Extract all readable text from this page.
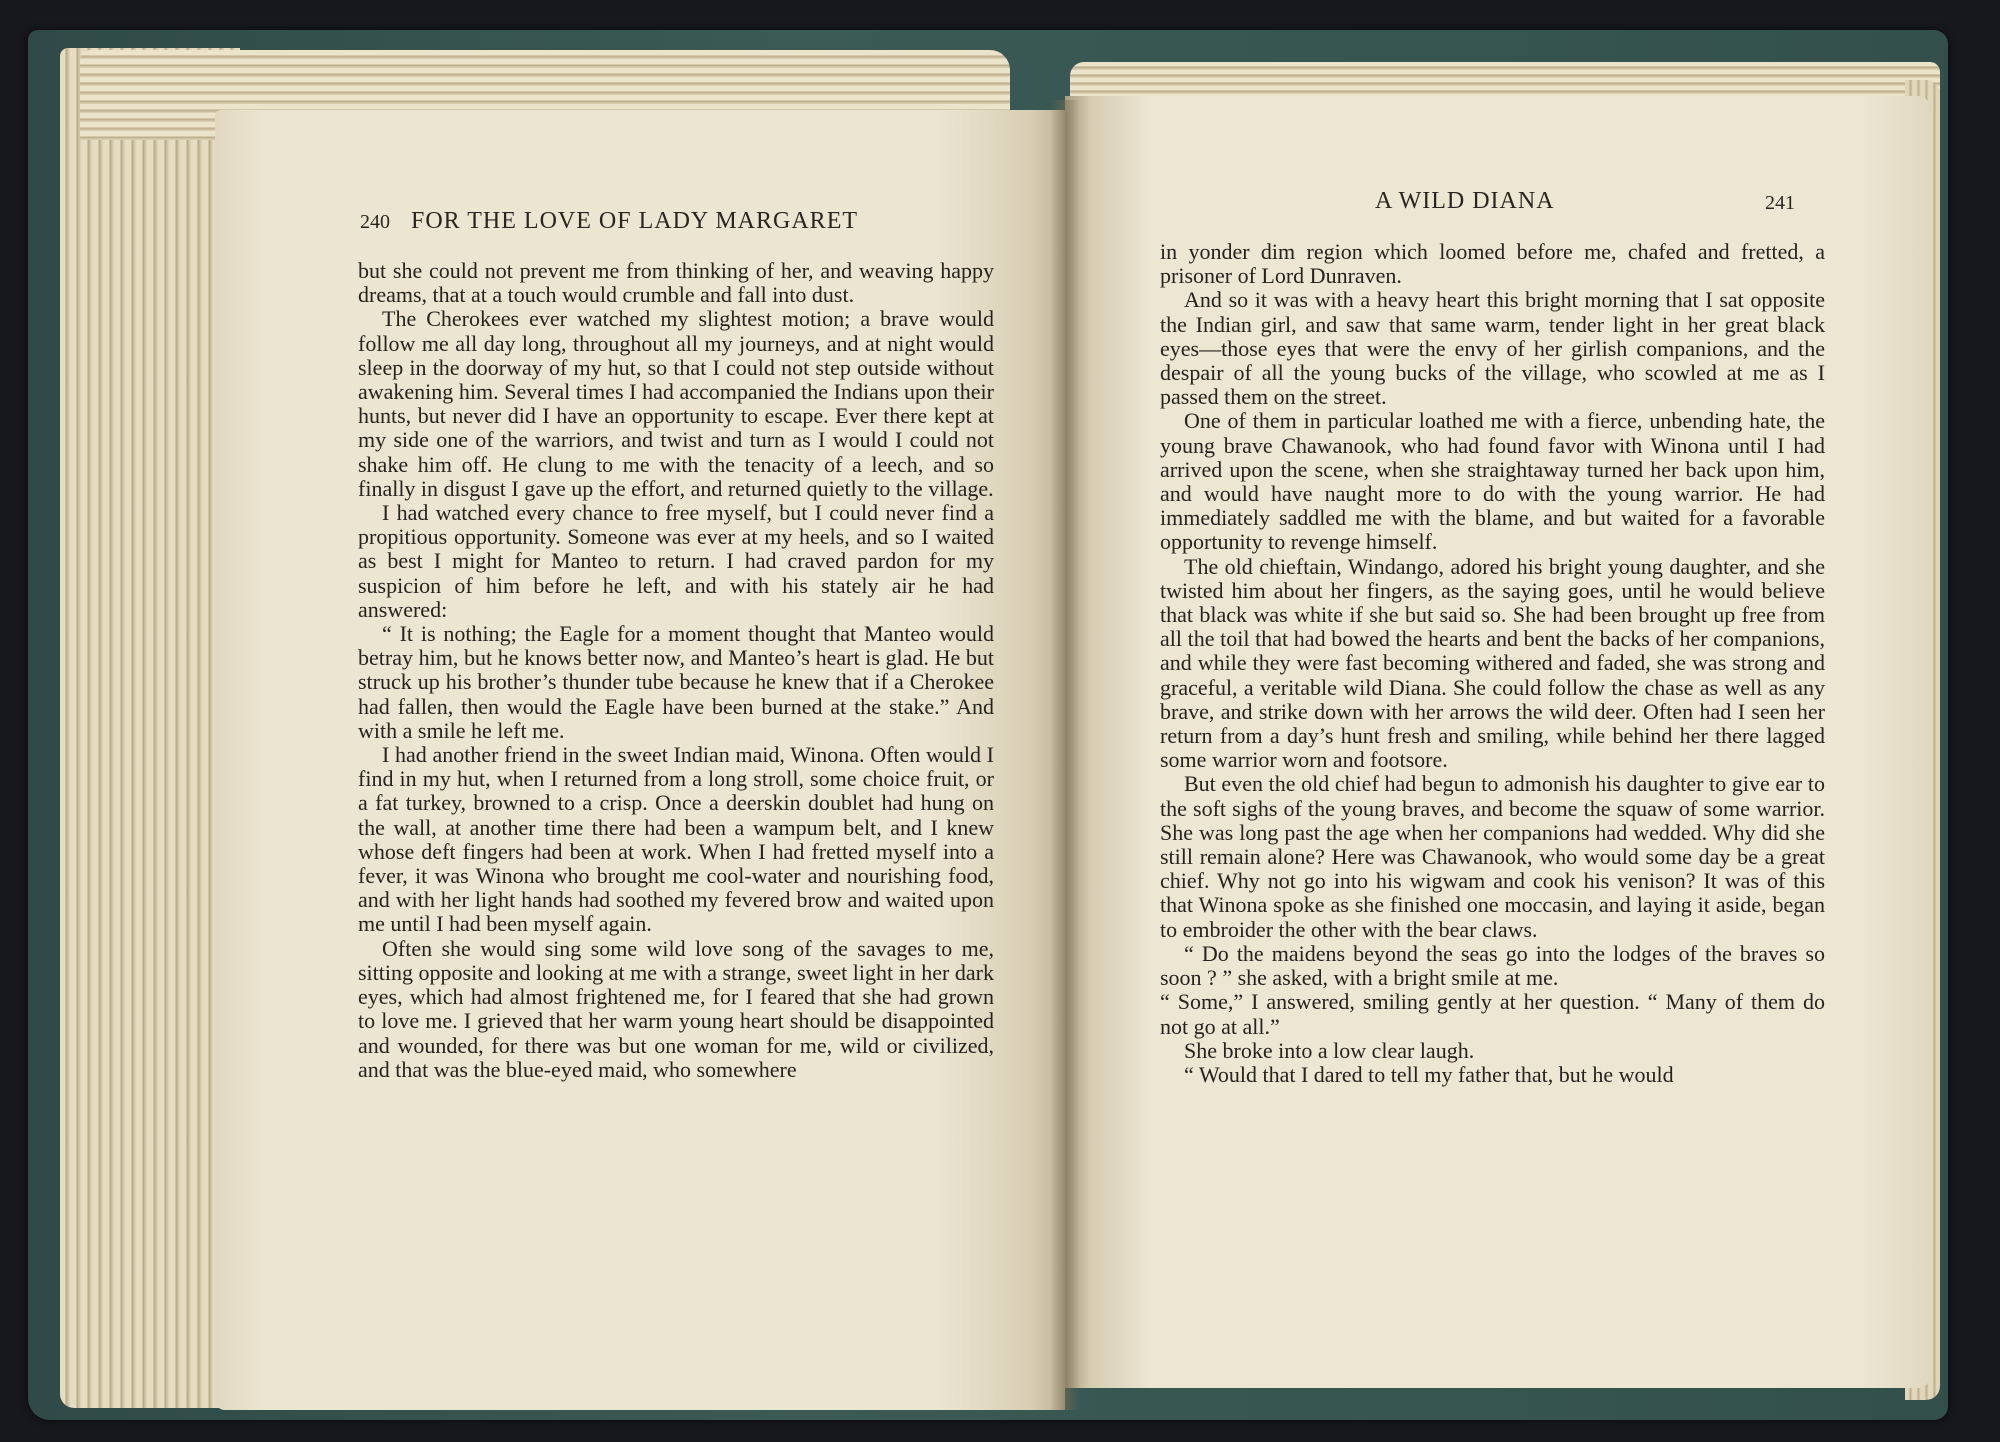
240 FOR THE LOVE OF LADY MARGARET
A WILD DIANA	241

but she could not prevent me from thinking of her, and weaving happy dreams, that at a touch would crumble and fall into dust.

The Cherokees ever watched my slightest motion; a brave would follow me all day long, throughout all my journeys, and at night would sleep in the doorway of my hut, so that I could not step outside without awakening him. Several times I had accompanied the Indians upon their hunts, but never did I have an opportunity to escape. Ever there kept at my side one of the warriors, and twist and turn as I would I could not shake him off. He clung to me with the tenacity of a leech, and so finally in disgust I gave up the effort, and returned quietly to the village.

I had watched every chance to free myself, but I could never find a propitious opportunity. Someone was ever at my heels, and so I waited as best I might for Manteo to return. I had craved pardon for my suspicion of him before he left, and with his stately air he had answered:

“ It is nothing; the Eagle for a moment thought that Manteo would betray him, but he knows better now, and Manteo’s heart is glad. He but struck up his brother’s thunder tube because he knew that if a Cherokee had fallen, then would the Eagle have been burned at the stake.” And with a smile he left me.

I had another friend in the sweet Indian maid, Winona. Often would I find in my hut, when I returned from a long stroll, some choice fruit, or a fat turkey, browned to a crisp. Once a deerskin doublet had hung on the wall, at another time there had been a wampum belt, and I knew whose deft fingers had been at work. When I had fretted myself into a fever, it was Winona who brought me cool-water and nourishing food, and with her light hands had soothed my fevered brow and waited upon me until I had been myself again.

Often she would sing some wild love song of the savages to me, sitting opposite and looking at me with a strange, sweet light in her dark eyes, which had almost frightened me, for I feared that she had grown to love me. I grieved that her warm young heart should be disappointed and wounded, for there was but one woman for me, wild or civilized, and that was the blue-eyed maid, who somewhere

in yonder dim region which loomed before me, chafed and fretted, a prisoner of Lord Dunraven.

And so it was with a heavy heart this bright morning that I sat opposite the Indian girl, and saw that same warm, tender light in her great black eyes—those eyes that were the envy of her girlish companions, and the despair of all the young bucks of the village, who scowled at me as I passed them on the street.

One of them in particular loathed me with a fierce, unbending hate, the young brave Chawanook, who had found favor with Winona until I had arrived upon the scene, when she straightaway turned her back upon him, and would have naught more to do with the young warrior. He had immediately saddled me with the blame, and but waited for a favorable opportunity to revenge himself.

The old chieftain, Windango, adored his bright young daughter, and she twisted him about her fingers, as the saying goes, until he would believe that black was white if she but said so. She had been brought up free from all the toil that had bowed the hearts and bent the backs of her companions, and while they were fast becoming withered and faded, she was strong and graceful, a veritable wild Diana. She could follow the chase as well as any brave, and strike down with her arrows the wild deer. Often had I seen her return from a day’s hunt fresh and smiling, while behind her there lagged some warrior worn and footsore.

But even the old chief had begun to admonish his daughter to give ear to the soft sighs of the young braves, and become the squaw of some warrior. She was long past the age when her companions had wedded. Why did she still remain alone? Here was Chawanook, who would some day be a great chief. Why not go into his wigwam and cook his venison? It was of this that Winona spoke as she finished one moccasin, and laying it aside, began to embroider the other with the bear claws.

“ Do the maidens beyond the seas go into the lodges of the braves so soon ? ” she asked, with a bright smile at me.

“ Some,” I answered, smiling gently at her question. “ Many of them do not go at all.”

She broke into a low clear laugh.

“ Would that I dared to tell my father that, but he would
